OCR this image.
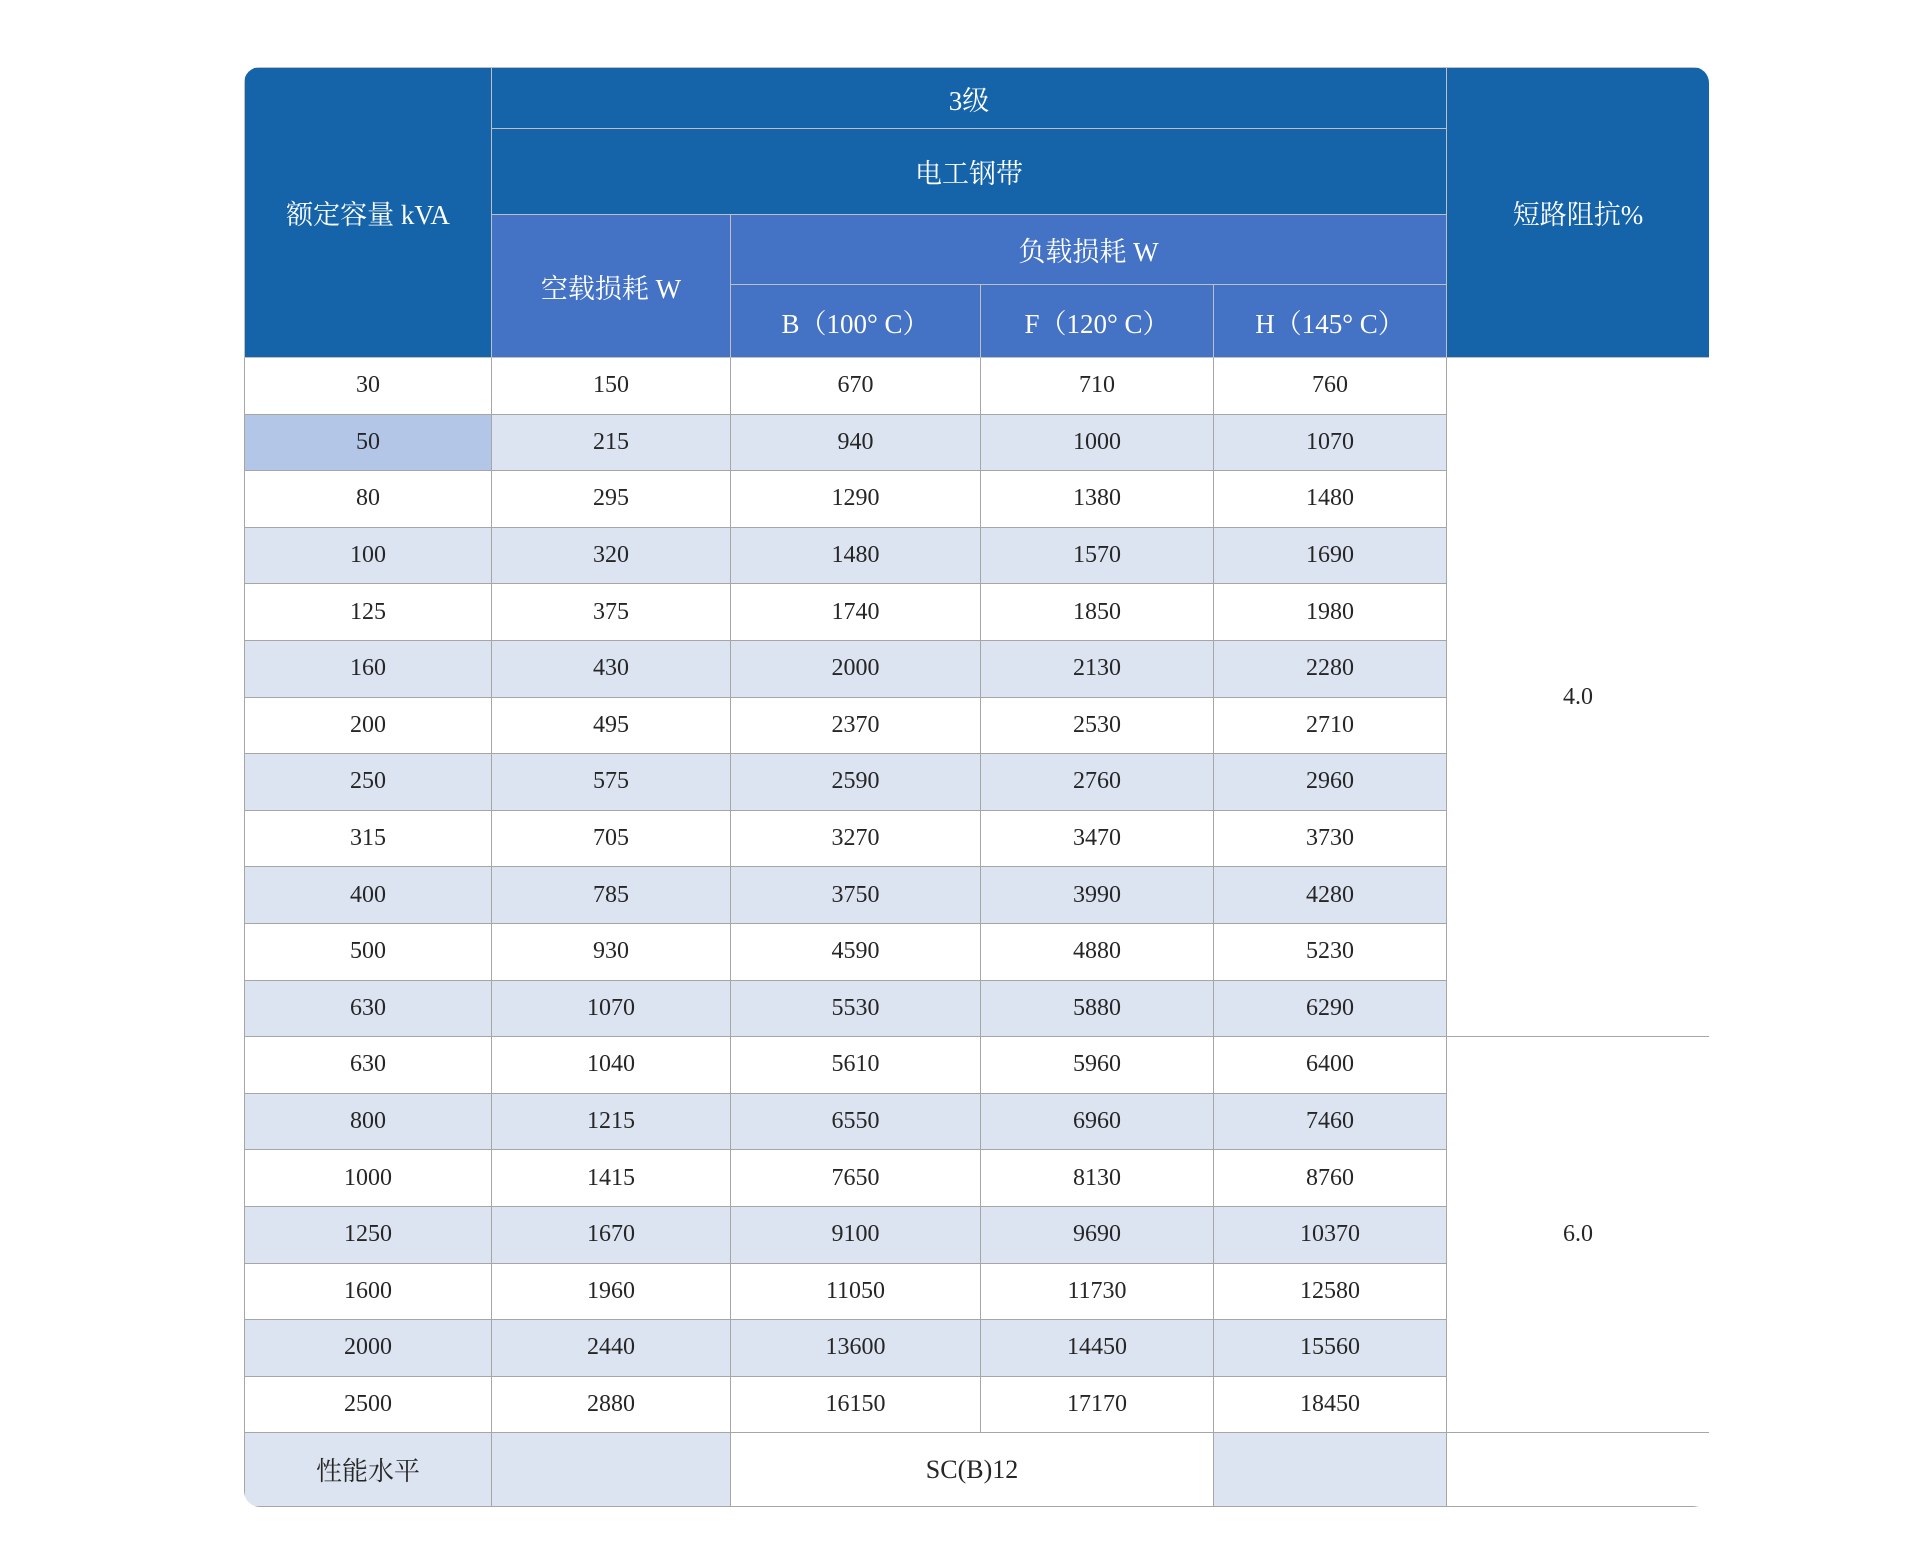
额定容量 kVA	3级				短路阻抗%
	电工钢带				
	空载损耗 W	负载损耗 W			
		B（100° C）	F（120° C）	H（145° C）	
30	150	670	710	760	4.0
50	215	940	1000	1070	
80	295	1290	1380	1480	
100	320	1480	1570	1690	
125	375	1740	1850	1980	
160	430	2000	2130	2280	
200	495	2370	2530	2710	
250	575	2590	2760	2960	
315	705	3270	3470	3730	
400	785	3750	3990	4280	
500	930	4590	4880	5230	
630	1070	5530	5880	6290	
630	1040	5610	5960	6400	6.0
800	1215	6550	6960	7460	
1000	1415	7650	8130	8760	
1250	1670	9100	9690	10370	
1600	1960	11050	11730	12580	
2000	2440	13600	14450	15560	
2500	2880	16150	17170	18450	
性能水平		SC(B)12			
